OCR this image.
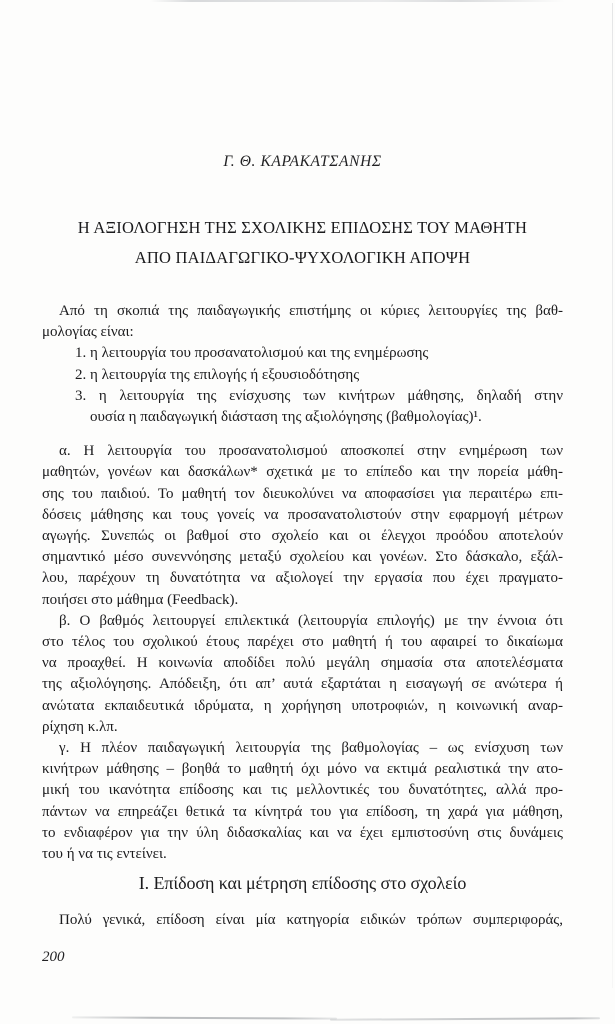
Γ. Θ. ΚΑΡΑΚΑΤΣΑΝΗΣ
Η ΑΞΙΟΛΟΓΗΣΗ ΤΗΣ ΣΧΟΛΙΚΗΣ ΕΠΙΔΟΣΗΣ ΤΟΥ ΜΑΘΗΤΗ
ΑΠΟ ΠΑΙΔΑΓΩΓΙΚΟ-ΨΥΧΟΛΟΓΙΚΗ ΑΠΟΨΗ
Από τη σκοπιά της παιδαγωγικής επιστήμης οι κύριες λειτουργίες της βαθ-
μολογίας είναι:
1. η λειτουργία του προσανατολισμού και της ενημέρωσης
2. η λειτουργία της επιλογής ή εξουσιοδότησης
3. η λειτουργία της ενίσχυσης των κινήτρων μάθησης, δηλαδή στην
ουσία η παιδαγωγική διάσταση της αξιολόγησης (βαθμολογίας)¹.
α. Η λειτουργία του προσανατολισμού αποσκοπεί στην ενημέρωση των
μαθητών, γονέων και δασκάλων* σχετικά με το επίπεδο και την πορεία μάθη-
σης του παιδιού. Το μαθητή τον διευκολύνει να αποφασίσει για περαιτέρω επι-
δόσεις μάθησης και τους γονείς να προσανατολιστούν στην εφαρμογή μέτρων
αγωγής. Συνεπώς οι βαθμοί στο σχολείο και οι έλεγχοι προόδου αποτελούν
σημαντικό μέσο συνεννόησης μεταξύ σχολείου και γονέων. Στο δάσκαλο, εξάλ-
λου, παρέχουν τη δυνατότητα να αξιολογεί την εργασία που έχει πραγματο-
ποιήσει στο μάθημα (Feedback).
β. Ο βαθμός λειτουργεί επιλεκτικά (λειτουργία επιλογής) με την έννοια ότι
στο τέλος του σχολικού έτους παρέχει στο μαθητή ή του αφαιρεί το δικαίωμα
να προαχθεί. Η κοινωνία αποδίδει πολύ μεγάλη σημασία στα αποτελέσματα
της αξιολόγησης. Απόδειξη, ότι απ’ αυτά εξαρτάται η εισαγωγή σε ανώτερα ή
ανώτατα εκπαιδευτικά ιδρύματα, η χορήγηση υποτροφιών, η κοινωνική αναρ-
ρίχηση κ.λπ.
γ. Η πλέον παιδαγωγική λειτουργία της βαθμολογίας – ως ενίσχυση των
κινήτρων μάθησης – βοηθά το μαθητή όχι μόνο να εκτιμά ρεαλιστικά την ατο-
μική του ικανότητα επίδοσης και τις μελλοντικές του δυνατότητες, αλλά προ-
πάντων να επηρεάζει θετικά τα κίνητρά του για επίδοση, τη χαρά για μάθηση,
το ενδιαφέρον για την ύλη διδασκαλίας και να έχει εμπιστοσύνη στις δυνάμεις
του ή να τις εντείνει.
I. Επίδοση και μέτρηση επίδοσης στο σχολείο
Πολύ γενικά, επίδοση είναι μία κατηγορία ειδικών τρόπων συμπεριφοράς,
200
